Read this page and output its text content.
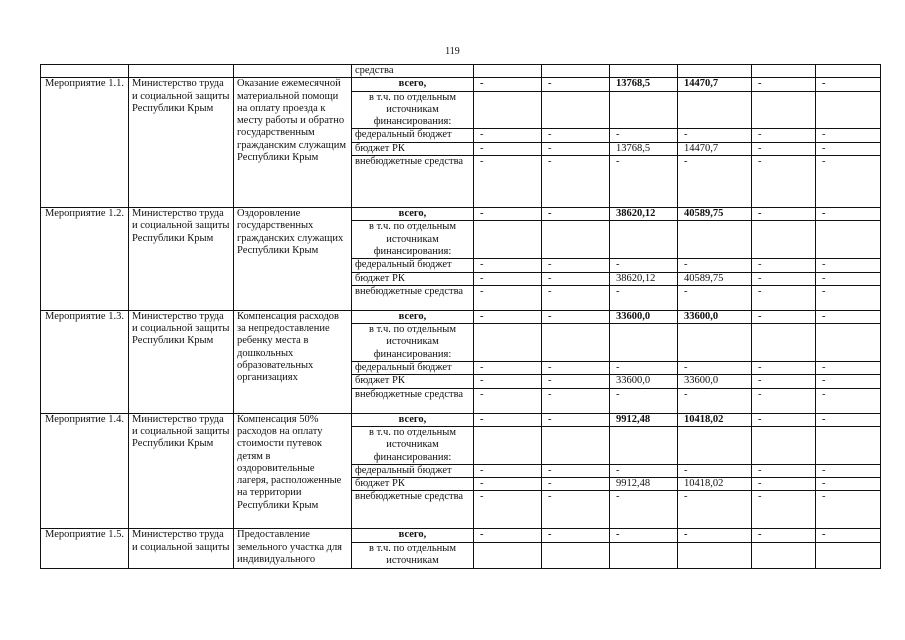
119
			средства						
Мероприятие 1.1.	Министерство труда и социальной защиты Республики Крым	Оказание ежемесячной материальной помощи на оплату проезда к месту работы и обратно государственным гражданским служащим Республики Крым	всего,	-	-	13768,5	14470,7	-	-
			в т.ч. по отдельным источникам финансирования:						
			федеральный бюджет	-	-	-	-	-	-
			бюджет РК	-	-	13768,5	14470,7	-	-
			внебюджетные средства	-	-	-	-	-	-
Мероприятие 1.2.	Министерство труда и социальной защиты Республики Крым	Оздоровление государственных гражданских служащих Республики Крым	всего,	-	-	38620,12	40589,75	-	-
			в т.ч. по отдельным источникам финансирования:						
			федеральный бюджет	-	-	-	-	-	-
			бюджет РК	-	-	38620,12	40589,75	-	-
			внебюджетные средства	-	-	-	-	-	-
Мероприятие 1.3.	Министерство труда и социальной защиты Республики Крым	Компенсация расходов за непредоставление ребенку места в дошкольных образовательных организациях	всего,	-	-	33600,0	33600,0	-	-
			в т.ч. по отдельным источникам финансирования:						
			федеральный бюджет	-	-	-	-	-	-
			бюджет РК	-	-	33600,0	33600,0	-	-
			внебюджетные средства	-	-	-	-	-	-
Мероприятие 1.4.	Министерство труда и социальной защиты Республики Крым	Компенсация 50% расходов на оплату стоимости путевок детям в оздоровительные лагеря, расположенные на территории Республики Крым	всего,	-	-	9912,48	10418,02	-	-
			в т.ч. по отдельным источникам финансирования:						
			федеральный бюджет	-	-	-	-	-	-
			бюджет РК	-	-	9912,48	10418,02	-	-
			внебюджетные средства	-	-	-	-	-	-
Мероприятие 1.5.	Министерство труда и социальной защиты	Предоставление земельного участка для индивидуального	всего,	-	-	-	-	-	-
			в т.ч. по отдельным источникам						
